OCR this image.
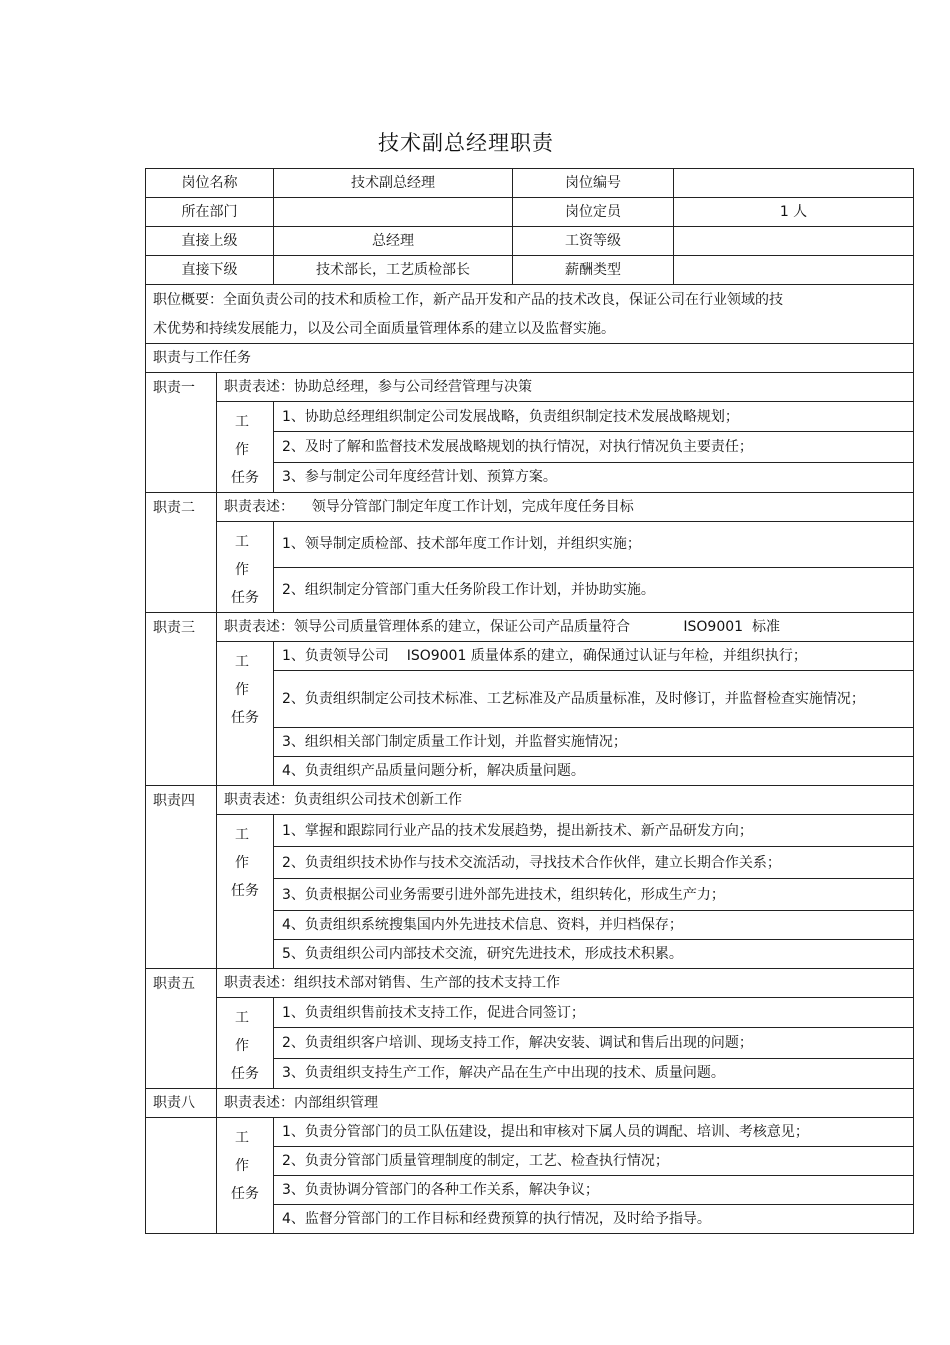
技术副总经理职责
岗位名称		技术副总经理	岗位编号	
所在部门			岗位定员	1 人
直接上级		总经理	工资等级	
直接下级		技术部长，工艺质检部长	薪酬类型	

职位概要：全面负责公司的技术和质检工作，新产品开发和产品的技术改良，保证公司在行业领域的技
术优势和持续发展能力，以及公司全面质量管理体系的建立以及监督实施。				

职责与工作任务				
职责一	职责表述：协助总经理，参与公司经营管理与决策			

	工 作
任务	1、协助总经理组织制定公司发展战略，负责组织制定技术发展战略规划；		
		2、及时了解和监督技术发展战略规划的执行情况，对执行情况负主要责任；		
		3、参与制定公司年度经营计划、预算方案。		
职责二	职责表述：    领导分管部门制定年度工作计划，完成年度任务目标			

	工 作
任务	1、领导制定质检部、技术部年度工作计划，并组织实施；		
		2、组织制定分管部门重大任务阶段工作计划，并协助实施。		
职责三	职责表述：领导公司质量管理体系的建立，保证公司产品质量符合            ISO9001  标准			

	工 作
任务	1、负责领导公司    ISO9001 质量体系的建立，确保通过认证与年检，并组织执行；		
		2、负责组织制定公司技术标准、工艺标准及产品质量标准，及时修订，并监督检查实施情况；		
		3、组织相关部门制定质量工作计划，并监督实施情况；		
		4、负责组织产品质量问题分析，解决质量问题。		
职责四	职责表述：负责组织公司技术创新工作			

	工 作
任务	1、掌握和跟踪同行业产品的技术发展趋势，提出新技术、新产品研发方向；		
		2、负责组织技术协作与技术交流活动，寻找技术合作伙伴，建立长期合作关系；		
		3、负责根据公司业务需要引进外部先进技术，组织转化，形成生产力；		
		4、负责组织系统搜集国内外先进技术信息、资料，并归档保存；		
		5、负责组织公司内部技术交流，研究先进技术，形成技术积累。		
职责五	职责表述：组织技术部对销售、生产部的技术支持工作			

	工 作
任务	1、负责组织售前技术支持工作，促进合同签订；		
		2、负责组织客户培训、现场支持工作，解决安装、调试和售后出现的问题；		
		3、负责组织支持生产工作，解决产品在生产中出现的技术、质量问题。		
职责八	职责表述：内部组织管理			

	工 作
任务	1、负责分管部门的员工队伍建设，提出和审核对下属人员的调配、培训、考核意见；		
		2、负责分管部门质量管理制度的制定，工艺、检查执行情况；		
		3、负责协调分管部门的各种工作关系，解决争议；		
		4、监督分管部门的工作目标和经费预算的执行情况，及时给予指导。		
